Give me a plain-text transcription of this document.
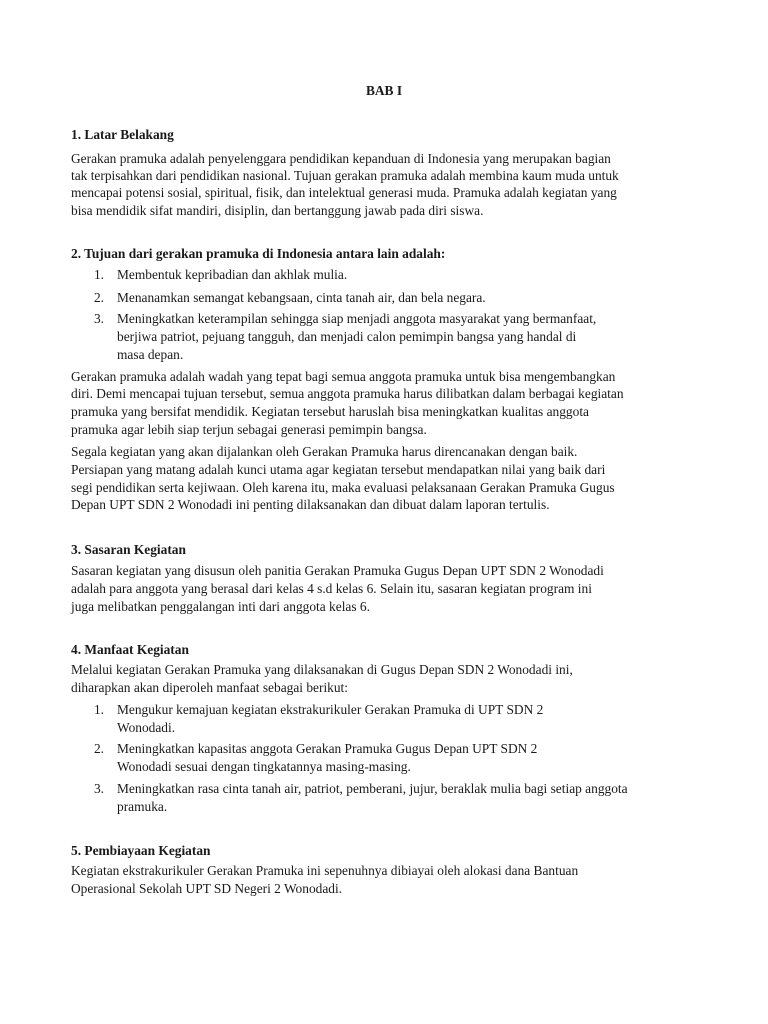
BAB I
1. Latar Belakang
Gerakan pramuka adalah penyelenggara pendidikan kepanduan di Indonesia yang merupakan bagian
tak terpisahkan dari pendidikan nasional. Tujuan gerakan pramuka adalah membina kaum muda untuk
mencapai potensi sosial, spiritual, fisik, dan intelektual generasi muda. Pramuka adalah kegiatan yang
bisa mendidik sifat mandiri, disiplin, dan bertanggung jawab pada diri siswa.
2. Tujuan dari gerakan pramuka di Indonesia antara lain adalah:
1. Membentuk kepribadian dan akhlak mulia.
2. Menanamkan semangat kebangsaan, cinta tanah air, dan bela negara.
3. Meningkatkan keterampilan sehingga siap menjadi anggota masyarakat yang bermanfaat,
berjiwa patriot, pejuang tangguh, dan menjadi calon pemimpin bangsa yang handal di
masa depan.
Gerakan pramuka adalah wadah yang tepat bagi semua anggota pramuka untuk bisa mengembangkan
diri. Demi mencapai tujuan tersebut, semua anggota pramuka harus dilibatkan dalam berbagai kegiatan
pramuka yang bersifat mendidik. Kegiatan tersebut haruslah bisa meningkatkan kualitas anggota
pramuka agar lebih siap terjun sebagai generasi pemimpin bangsa.
Segala kegiatan yang akan dijalankan oleh Gerakan Pramuka harus direncanakan dengan baik.
Persiapan yang matang adalah kunci utama agar kegiatan tersebut mendapatkan nilai yang baik dari
segi pendidikan serta kejiwaan. Oleh karena itu, maka evaluasi pelaksanaan Gerakan Pramuka Gugus
Depan UPT SDN 2 Wonodadi ini penting dilaksanakan dan dibuat dalam laporan tertulis.
3. Sasaran Kegiatan
Sasaran kegiatan yang disusun oleh panitia Gerakan Pramuka Gugus Depan UPT SDN 2 Wonodadi
adalah para anggota yang berasal dari kelas 4 s.d kelas 6. Selain itu, sasaran kegiatan program ini
juga melibatkan penggalangan inti dari anggota kelas 6.
4. Manfaat Kegiatan
Melalui kegiatan Gerakan Pramuka yang dilaksanakan di Gugus Depan SDN 2 Wonodadi ini,
diharapkan akan diperoleh manfaat sebagai berikut:
1. Mengukur kemajuan kegiatan ekstrakurikuler Gerakan Pramuka di UPT SDN 2
Wonodadi.
2. Meningkatkan kapasitas anggota Gerakan Pramuka Gugus Depan UPT SDN 2
Wonodadi sesuai dengan tingkatannya masing-masing.
3. Meningkatkan rasa cinta tanah air, patriot, pemberani, jujur, beraklak mulia bagi setiap anggota
pramuka.
5. Pembiayaan Kegiatan
Kegiatan ekstrakurikuler Gerakan Pramuka ini sepenuhnya dibiayai oleh alokasi dana Bantuan
Operasional Sekolah UPT SD Negeri 2 Wonodadi.
